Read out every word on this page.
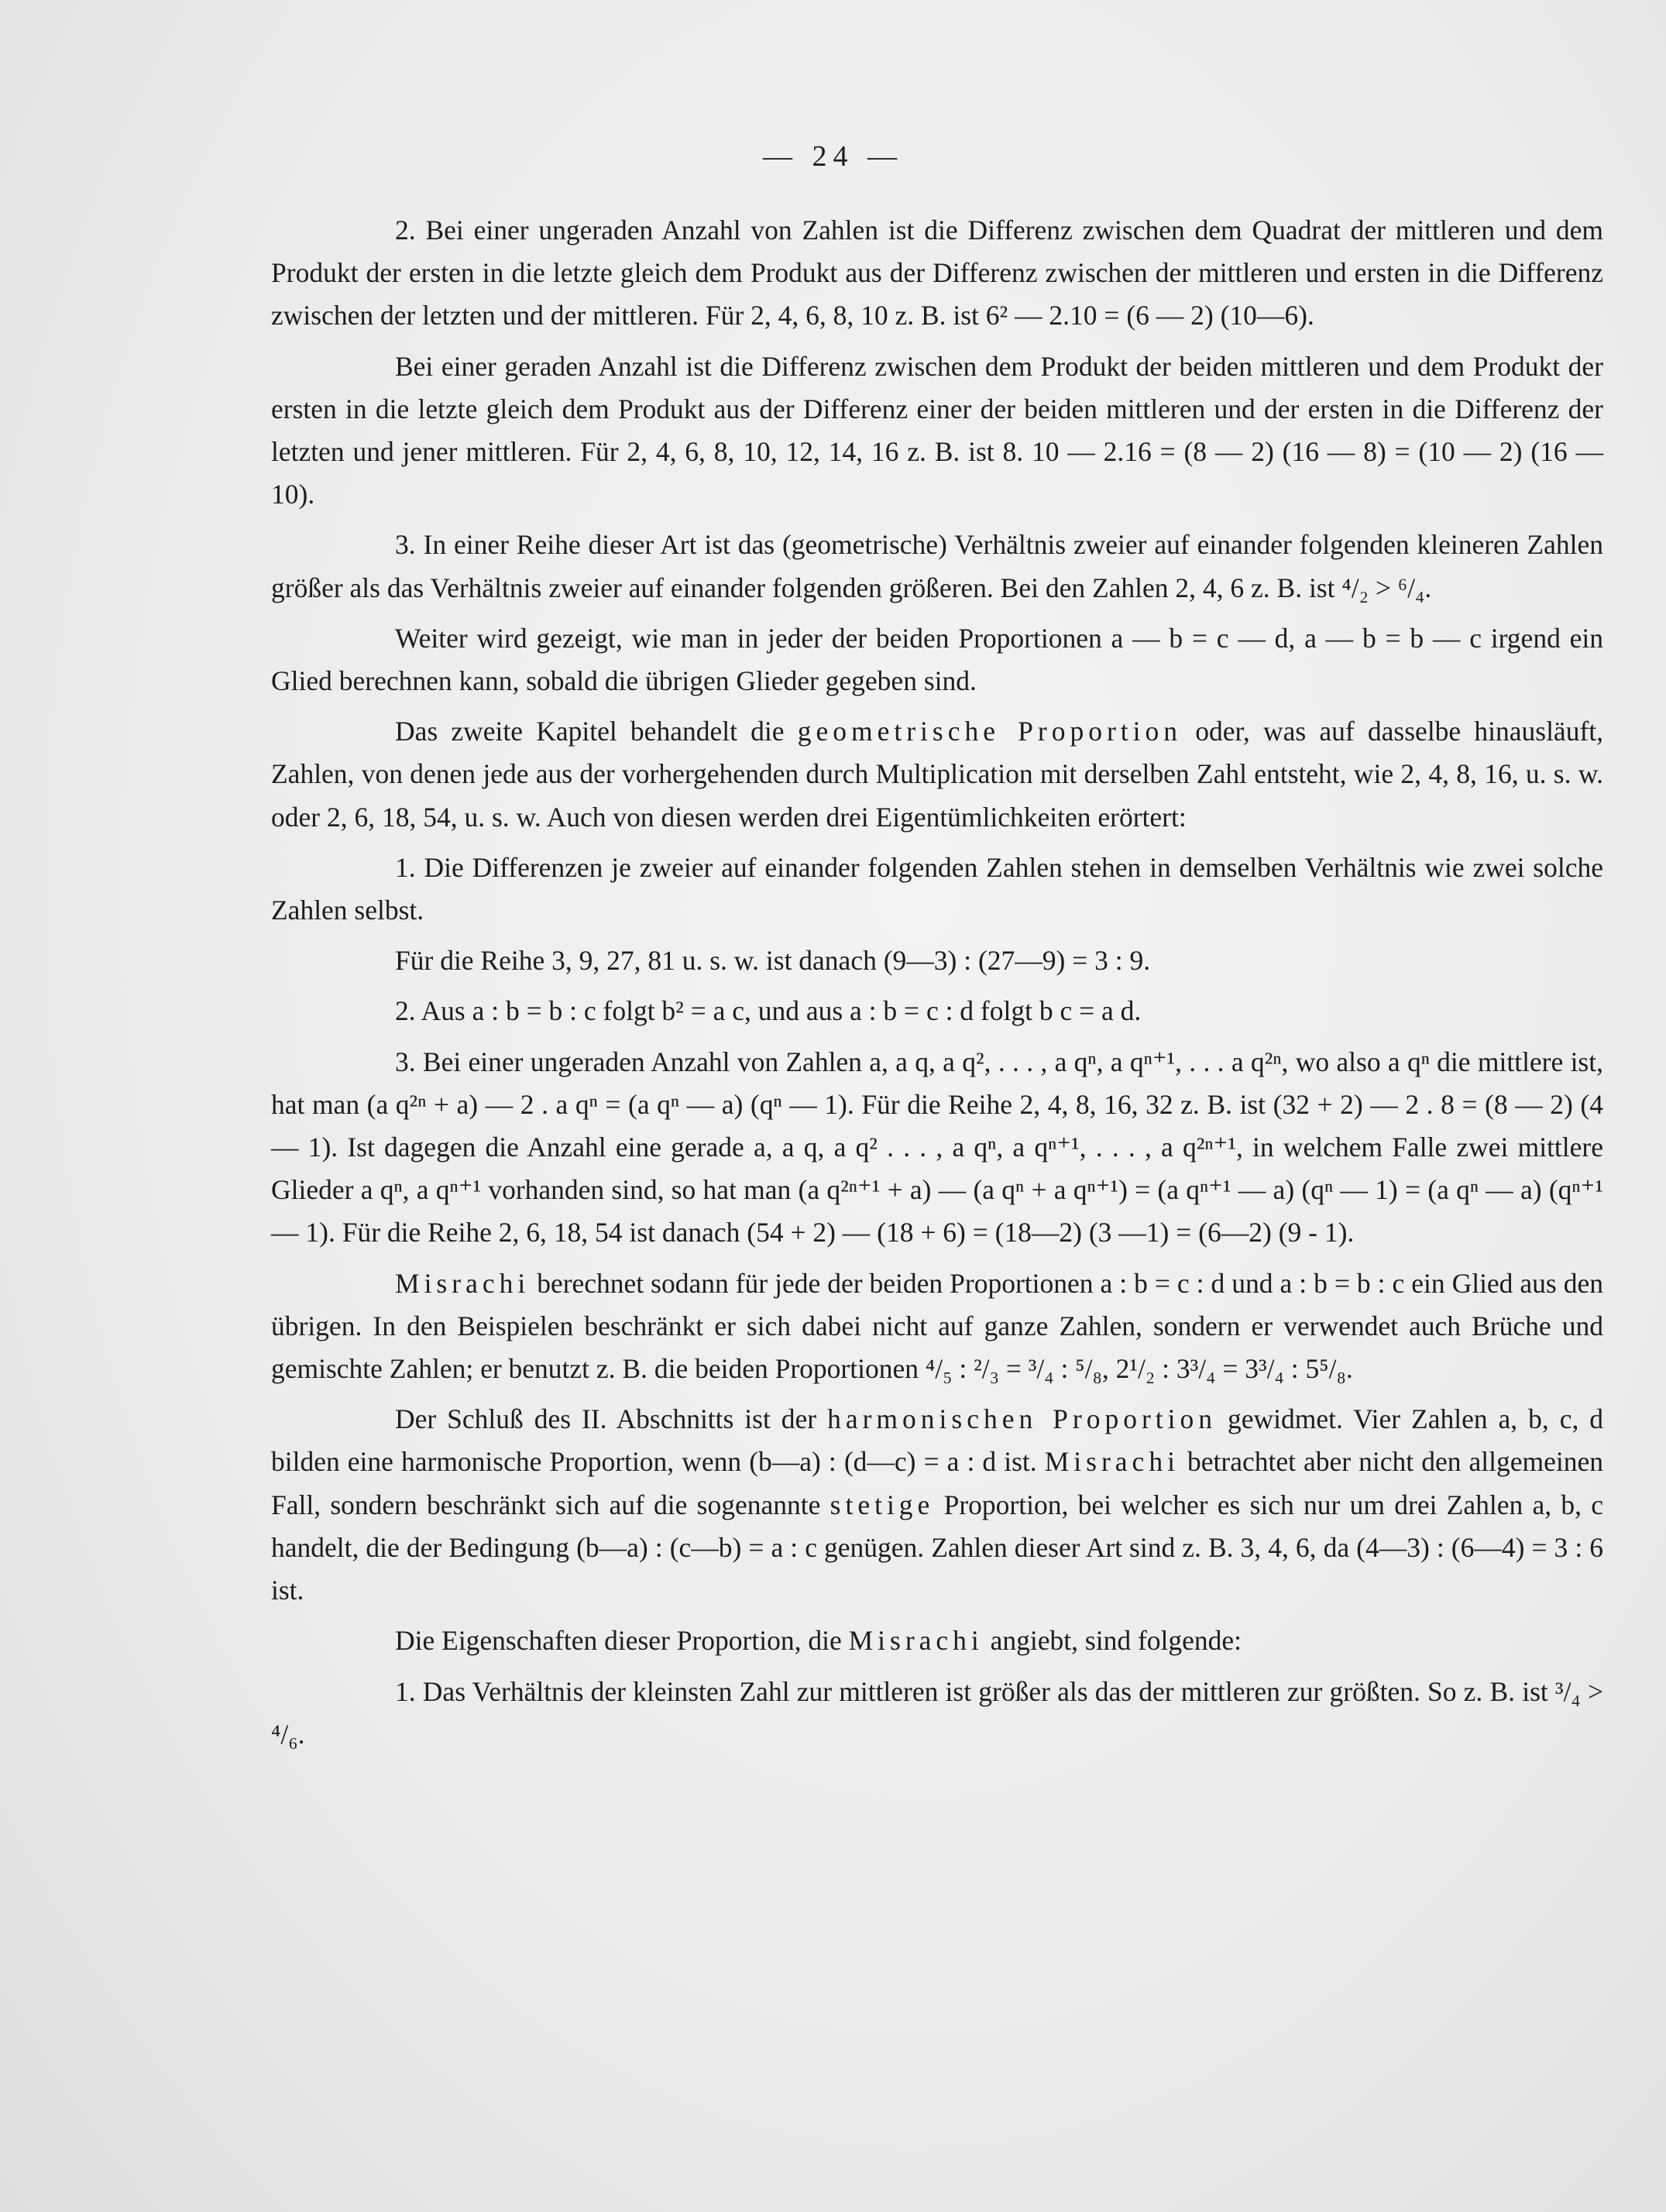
— 24 —

2. Bei einer ungeraden Anzahl von Zahlen ist die Differenz zwischen dem Quadrat der mittleren und dem Produkt der ersten in die letzte gleich dem Produkt aus der Differenz zwischen der mittleren und ersten in die Differenz zwischen der letzten und der mittleren. Für 2, 4, 6, 8, 10 z. B. ist 6² — 2.10 = (6 — 2) (10—6).

Bei einer geraden Anzahl ist die Differenz zwischen dem Produkt der beiden mittleren und dem Produkt der ersten in die letzte gleich dem Produkt aus der Differenz einer der beiden mittleren und der ersten in die Differenz der letzten und jener mittleren. Für 2, 4, 6, 8, 10, 12, 14, 16 z. B. ist 8. 10 — 2.16 = (8 — 2) (16 — 8) = (10 — 2) (16 — 10).

3. In einer Reihe dieser Art ist das (geometrische) Verhältnis zweier auf einander folgenden kleineren Zahlen größer als das Verhältnis zweier auf einander folgenden größeren. Bei den Zahlen 2, 4, 6 z. B. ist ⁴/₂ > ⁶/₄.

Weiter wird gezeigt, wie man in jeder der beiden Proportionen a — b = c — d, a — b = b — c irgend ein Glied berechnen kann, sobald die übrigen Glieder gegeben sind.

Das zweite Kapitel behandelt die geometrische Proportion oder, was auf dasselbe hinausläuft, Zahlen, von denen jede aus der vorhergehenden durch Multiplication mit derselben Zahl entsteht, wie 2, 4, 8, 16, u. s. w. oder 2, 6, 18, 54, u. s. w. Auch von diesen werden drei Eigentümlichkeiten erörtert:

1. Die Differenzen je zweier auf einander folgenden Zahlen stehen in demselben Verhältnis wie zwei solche Zahlen selbst.

Für die Reihe 3, 9, 27, 81 u. s. w. ist danach (9—3) : (27—9) = 3 : 9.

2. Aus a : b = b : c folgt b² = a c, und aus a : b = c : d folgt b c = a d.

3. Bei einer ungeraden Anzahl von Zahlen a, a q, a q², . . . , a qⁿ, a qⁿ⁺¹, . . . a q²ⁿ, wo also a qⁿ die mittlere ist, hat man (a q²ⁿ + a) — 2 . a qⁿ = (a qⁿ — a) (qⁿ — 1). Für die Reihe 2, 4, 8, 16, 32 z. B. ist (32 + 2) — 2 . 8 = (8 — 2) (4 — 1). Ist dagegen die Anzahl eine gerade a, a q, a q² . . . , a qⁿ, a qⁿ⁺¹, . . . , a q²ⁿ⁺¹, in welchem Falle zwei mittlere Glieder a qⁿ, a qⁿ⁺¹ vorhanden sind, so hat man (a q²ⁿ⁺¹ + a) — (a qⁿ + a qⁿ⁺¹) = (a qⁿ⁺¹ — a) (qⁿ — 1) = (a qⁿ — a) (qⁿ⁺¹ — 1). Für die Reihe 2, 6, 18, 54 ist danach (54 + 2) — (18 + 6) = (18—2) (3 —1) = (6—2) (9 - 1).

Misrachi berechnet sodann für jede der beiden Proportionen a : b = c : d und a : b = b : c ein Glied aus den übrigen. In den Beispielen beschränkt er sich dabei nicht auf ganze Zahlen, sondern er verwendet auch Brüche und gemischte Zahlen; er benutzt z. B. die beiden Proportionen ⁴/₅ : ²/₃ = ³/₄ : ⁵/₈, 2¹/₂ : 3³/₄ = 3³/₄ : 5⁵/₈.

Der Schluß des II. Abschnitts ist der harmonischen Proportion gewidmet. Vier Zahlen a, b, c, d bilden eine harmonische Proportion, wenn (b—a) : (d—c) = a : d ist. Misrachi betrachtet aber nicht den allgemeinen Fall, sondern beschränkt sich auf die sogenannte stetige Proportion, bei welcher es sich nur um drei Zahlen a, b, c handelt, die der Bedingung (b—a) : (c—b) = a : c genügen. Zahlen dieser Art sind z. B. 3, 4, 6, da (4—3) : (6—4) = 3 : 6 ist.

Die Eigenschaften dieser Proportion, die Misrachi angiebt, sind folgende:

1. Das Verhältnis der kleinsten Zahl zur mittleren ist größer als das der mittleren zur größten. So z. B. ist ³/₄ > ⁴/₆.
